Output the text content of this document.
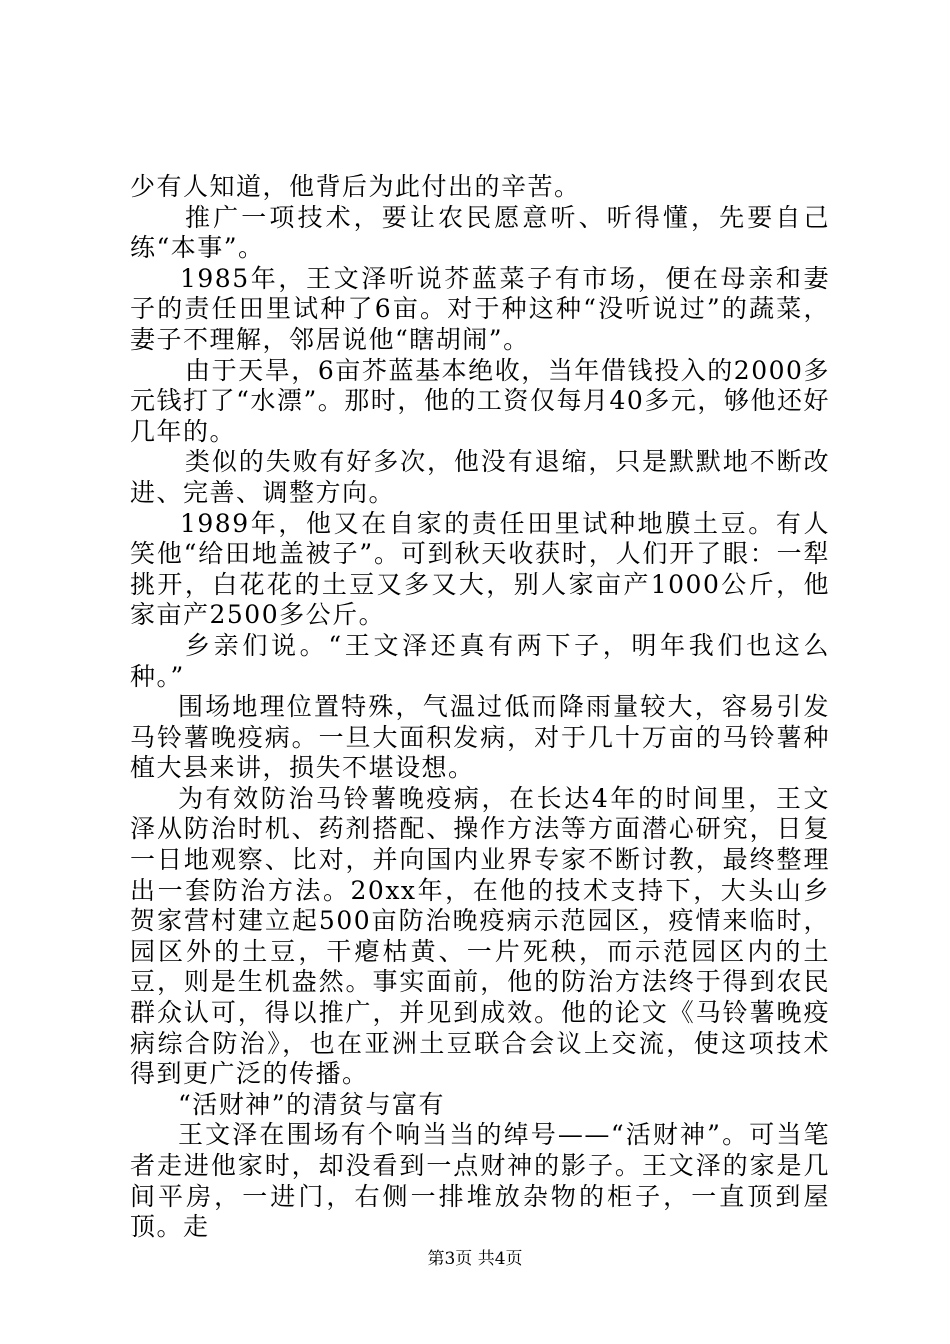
少有人知道，他背后为此付出的辛苦。

推广一项技术，要让农民愿意听、听得懂，先要自己练“本事”。

1985年，王文泽听说芥蓝菜子有市场，便在母亲和妻子的责任田里试种了6亩。对于种这种“没听说过”的蔬菜，妻子不理解，邻居说他“瞎胡闹”。

由于天旱，6亩芥蓝基本绝收，当年借钱投入的2000多元钱打了“水漂”。那时，他的工资仅每月40多元，够他还好几年的。

类似的失败有好多次，他没有退缩，只是默默地不断改进、完善、调整方向。

1989年，他又在自家的责任田里试种地膜土豆。有人笑他“给田地盖被子”。可到秋天收获时，人们开了眼：一犁挑开，白花花的土豆又多又大，别人家亩产1000公斤，他家亩产2500多公斤。

乡亲们说。“王文泽还真有两下子，明年我们也这么种。”

围场地理位置特殊，气温过低而降雨量较大，容易引发马铃薯晚疫病。一旦大面积发病，对于几十万亩的马铃薯种植大县来讲，损失不堪设想。

为有效防治马铃薯晚疫病，在长达4年的时间里，王文泽从防治时机、药剂搭配、操作方法等方面潜心研究，日复一日地观察、比对，并向国内业界专家不断讨教，最终整理出一套防治方法。20xx年，在他的技术支持下，大头山乡贺家营村建立起500亩防治晚疫病示范园区，疫情来临时，园区外的土豆，干瘪枯黄、一片死秧，而示范园区内的土豆，则是生机盎然。事实面前，他的防治方法终于得到农民群众认可，得以推广，并见到成效。他的论文《马铃薯晚疫病综合防治》，也在亚洲土豆联合会议上交流，使这项技术得到更广泛的传播。

“活财神”的清贫与富有

王文泽在围场有个响当当的绰号——“活财神”。可当笔者走进他家时，却没看到一点财神的影子。王文泽的家是几间平房，一进门，右侧一排堆放杂物的柜子，一直顶到屋顶。走

第3页 共4页
